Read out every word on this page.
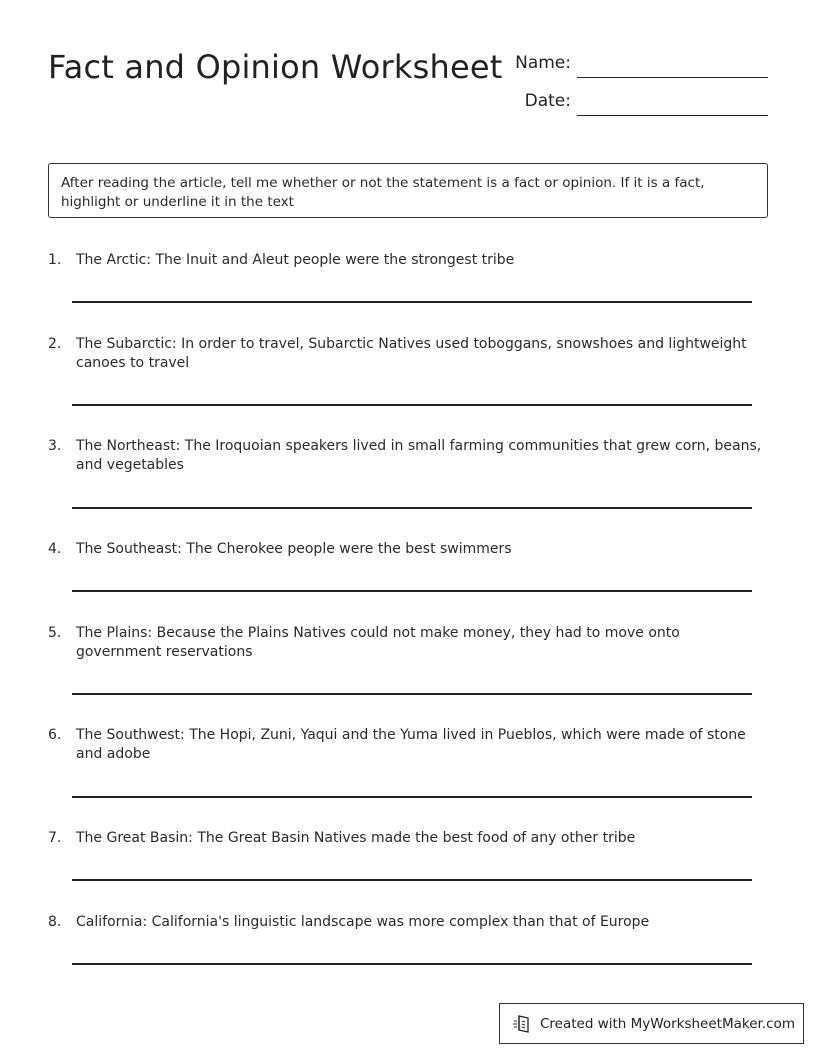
Fact and Opinion Worksheet Name:
Date:
After reading the article, tell me whether or not the statement is a fact or opinion. If it is a fact, highlight or underline it in the text
1. The Arctic: The Inuit and Aleut people were the strongest tribe
2. The Subarctic: In order to travel, Subarctic Natives used toboggans, snowshoes and lightweight canoes to travel
3. The Northeast: The Iroquoian speakers lived in small farming communities that grew corn, beans, and vegetables
4. The Southeast: The Cherokee people were the best swimmers
5. The Plains: Because the Plains Natives could not make money, they had to move onto government reservations
6. The Southwest: The Hopi, Zuni, Yaqui and the Yuma lived in Pueblos, which were made of stone and adobe
7. The Great Basin: The Great Basin Natives made the best food of any other tribe
8. California: California's linguistic landscape was more complex than that of Europe
Created with MyWorksheetMaker.com
